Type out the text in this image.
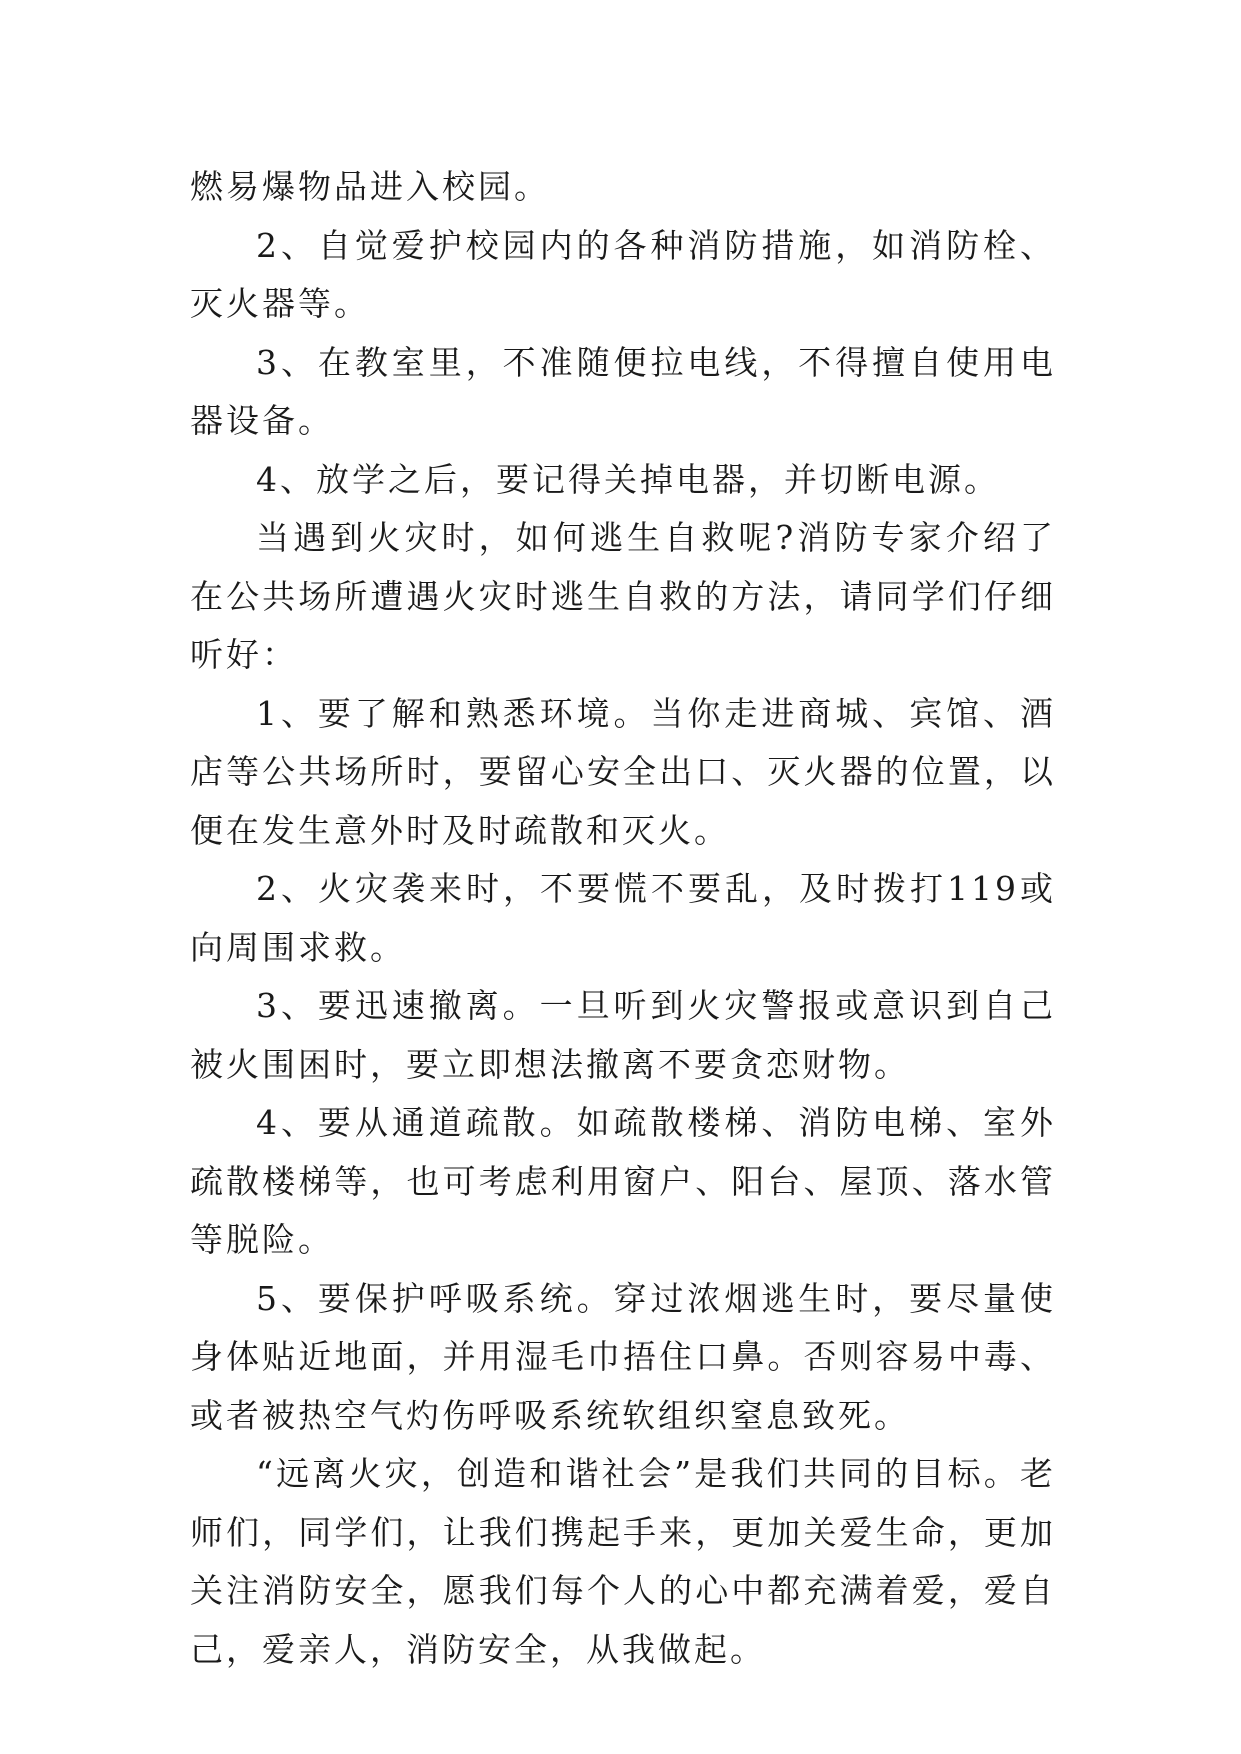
燃易爆物品进入校园。

2、自觉爱护校园内的各种消防措施，如消防栓、灭火器等。

3、在教室里，不准随便拉电线，不得擅自使用电器设备。

4、放学之后，要记得关掉电器，并切断电源。

当遇到火灾时，如何逃生自救呢?消防专家介绍了在公共场所遭遇火灾时逃生自救的方法，请同学们仔细听好：

1、要了解和熟悉环境。当你走进商城、宾馆、酒店等公共场所时，要留心安全出口、灭火器的位置，以便在发生意外时及时疏散和灭火。

2、火灾袭来时，不要慌不要乱，及时拨打119或向周围求救。

3、要迅速撤离。一旦听到火灾警报或意识到自己被火围困时，要立即想法撤离不要贪恋财物。

4、要从通道疏散。如疏散楼梯、消防电梯、室外疏散楼梯等，也可考虑利用窗户、阳台、屋顶、落水管等脱险。

5、要保护呼吸系统。穿过浓烟逃生时，要尽量使身体贴近地面，并用湿毛巾捂住口鼻。否则容易中毒、或者被热空气灼伤呼吸系统软组织窒息致死。

“远离火灾，创造和谐社会”是我们共同的目标。老师们，同学们，让我们携起手来，更加关爱生命，更加关注消防安全，愿我们每个人的心中都充满着爱，爱自己，爱亲人，消防安全，从我做起。
